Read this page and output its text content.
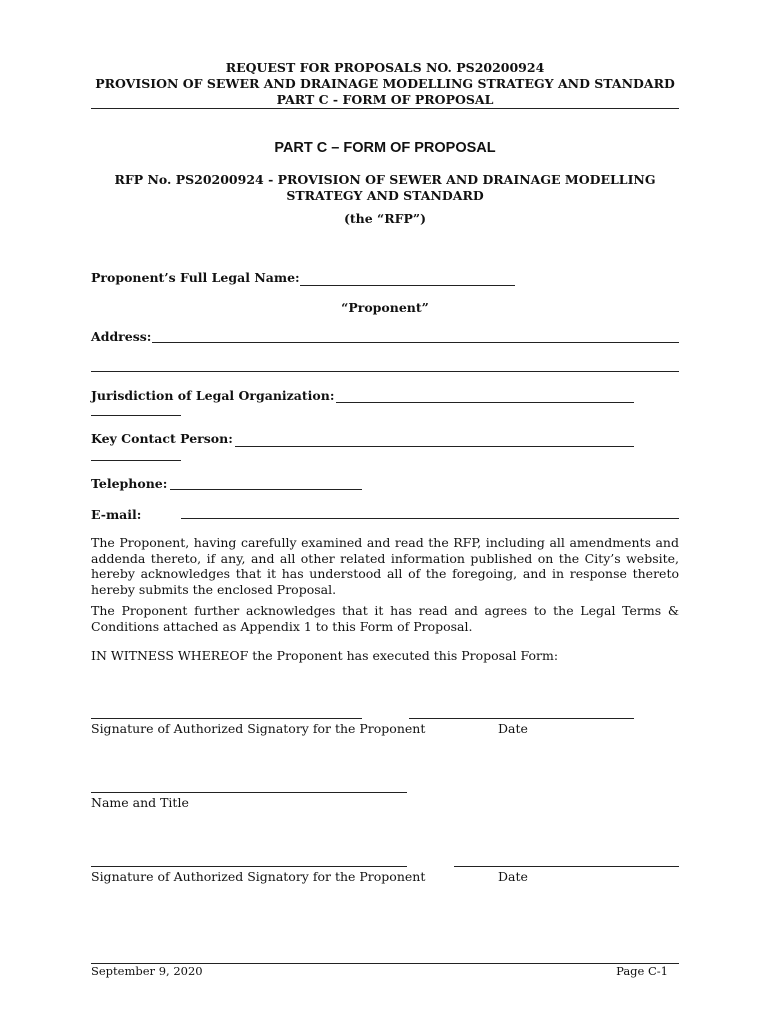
REQUEST FOR PROPOSALS NO. PS20200924
PROVISION OF SEWER AND DRAINAGE MODELLING STRATEGY AND STANDARD
PART C - FORM OF PROPOSAL
PART C – FORM OF PROPOSAL
RFP No. PS20200924 - PROVISION OF SEWER AND DRAINAGE MODELLING
STRATEGY AND STANDARD
(the “RFP”)
Proponent’s Full Legal Name:
“Proponent”
Address:
Jurisdiction of Legal Organization:
Key Contact Person:
Telephone:
E-mail:
The Proponent, having carefully examined and read the RFP, including all amendments and addenda thereto, if any, and all other related information published on the City’s website, hereby acknowledges that it has understood all of the foregoing, and in response thereto hereby submits the enclosed Proposal.
The Proponent further acknowledges that it has read and agrees to the Legal Terms & Conditions attached as Appendix 1 to this Form of Proposal.
IN WITNESS WHEREOF the Proponent has executed this Proposal Form:
Signature of Authorized Signatory for the Proponent	Date
Name and Title
Signature of Authorized Signatory for the Proponent	Date
September 9, 2020	Page C-1
